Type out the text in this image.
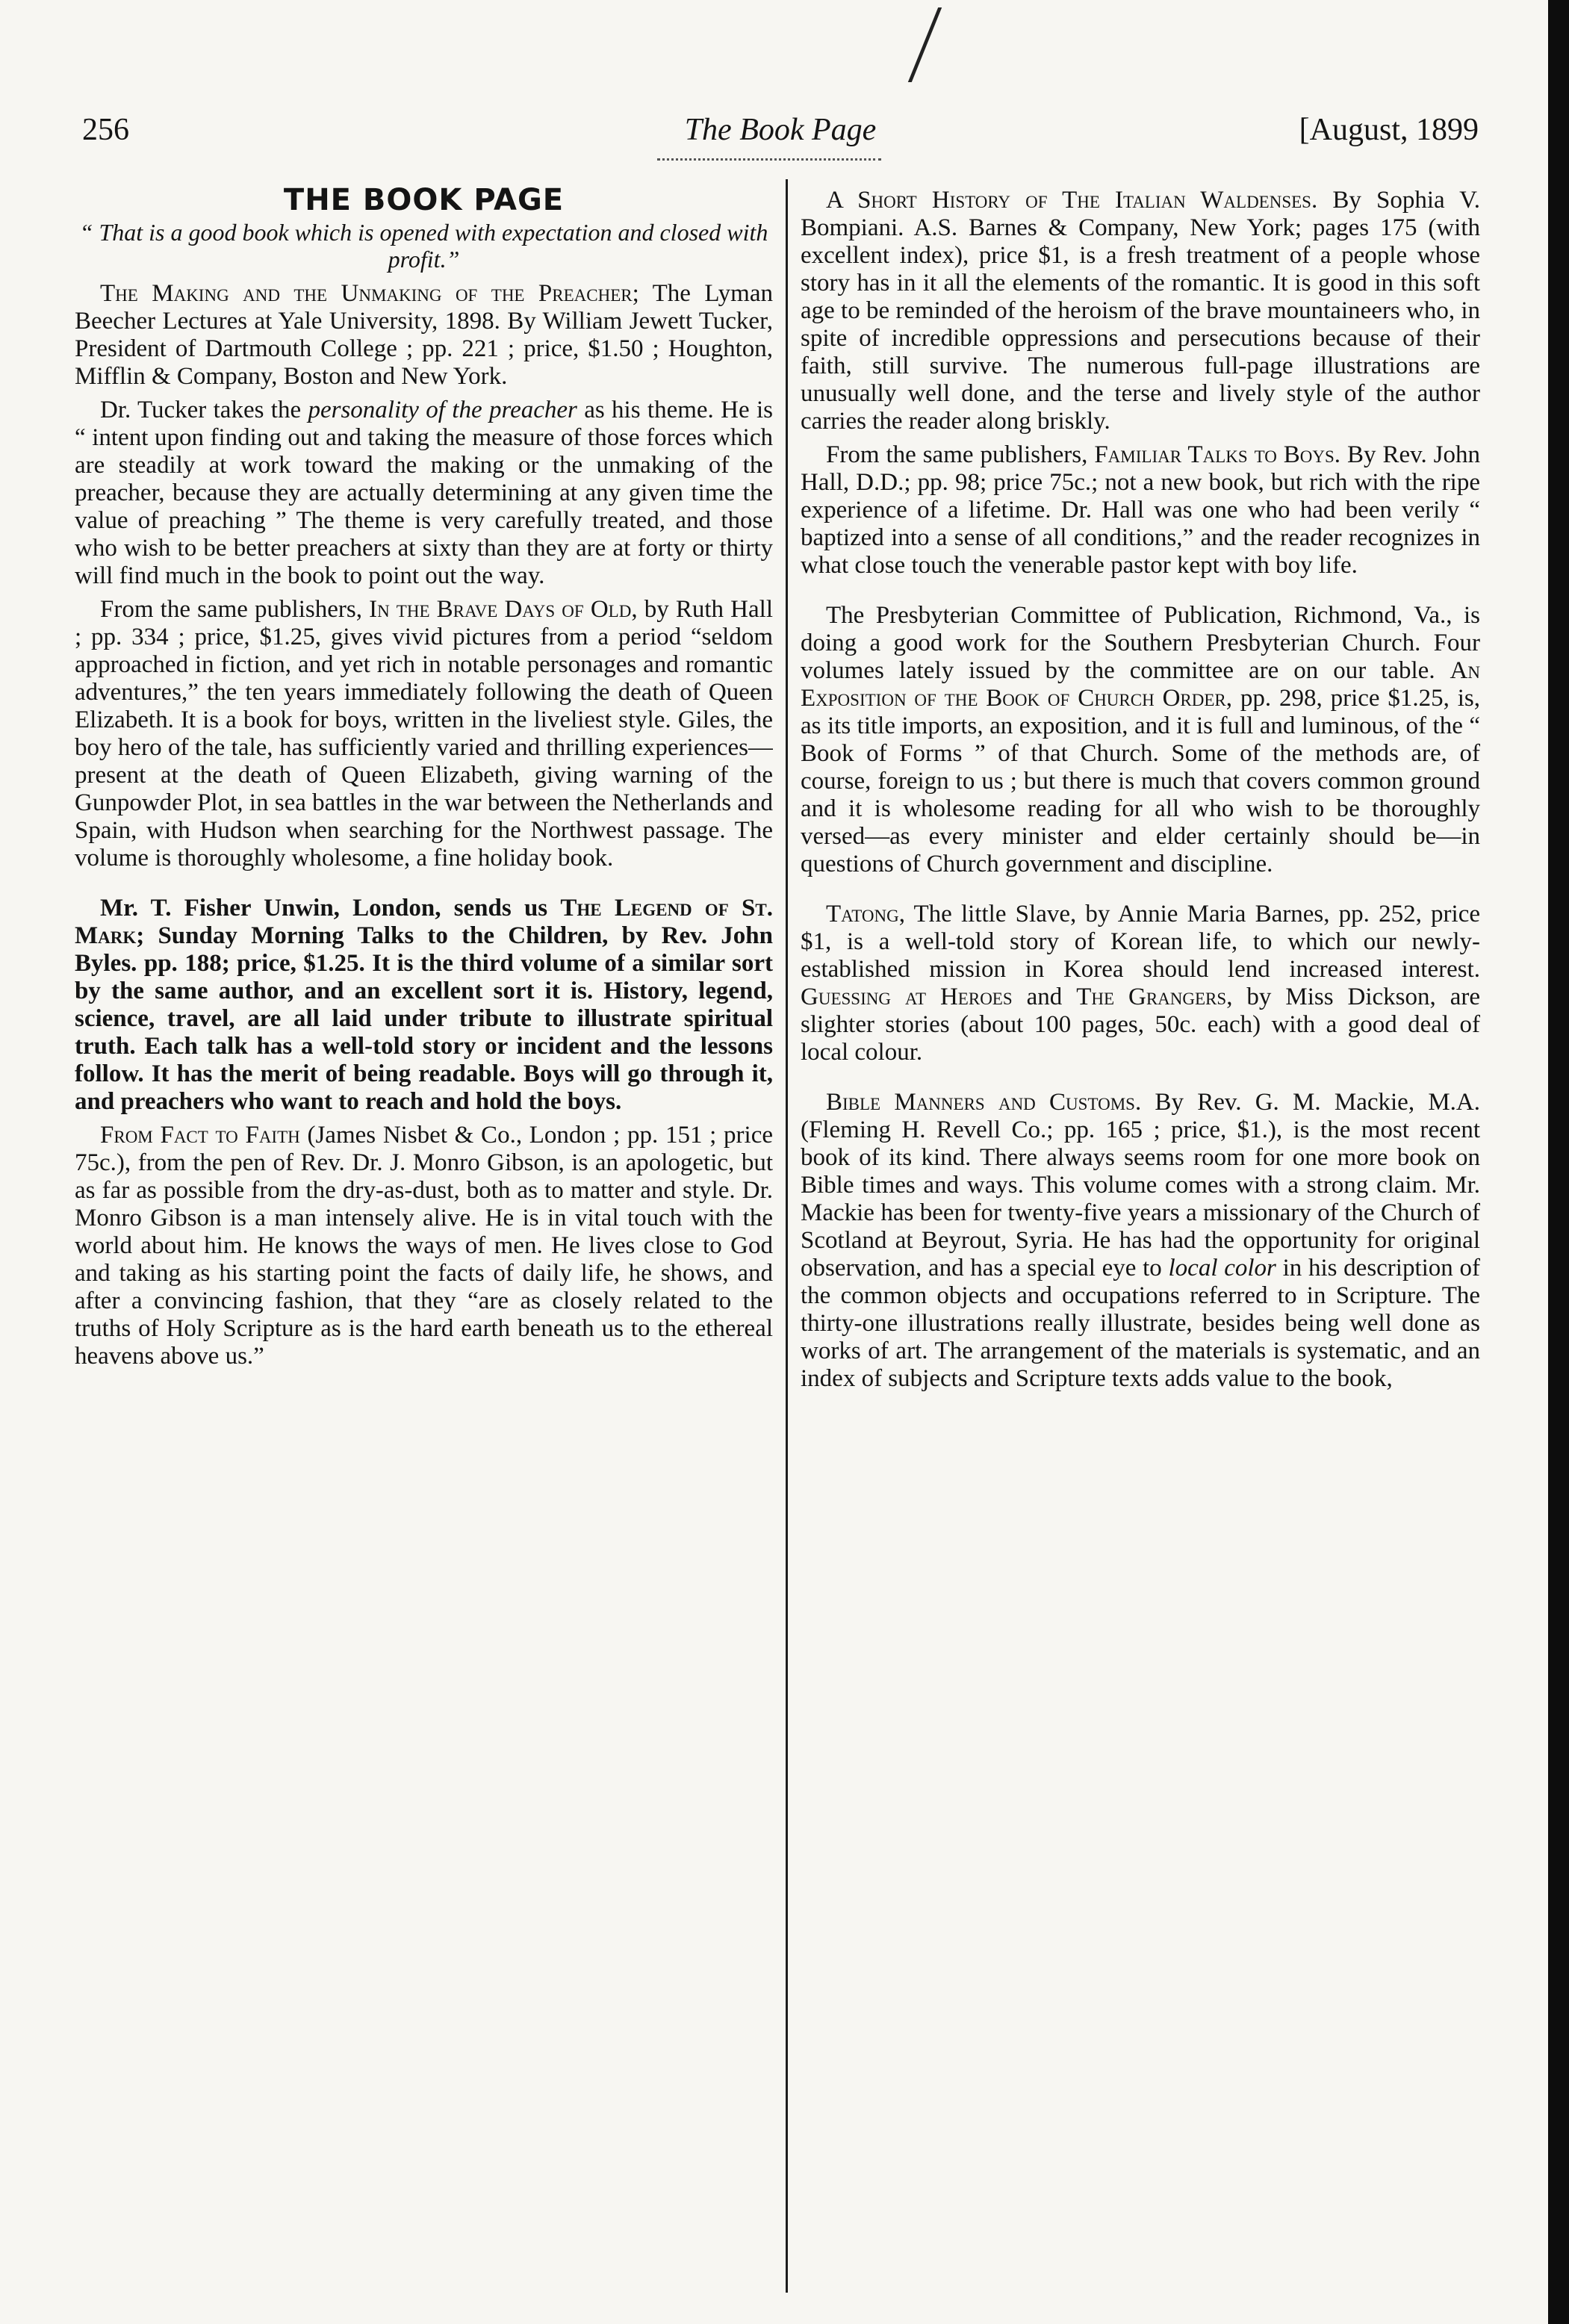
256	The Book Page	[August, 1899
THE BOOK PAGE
“ That is a good book which is opened with expectation and closed with profit.”

The Making and the Unmaking of the Preacher; The Lyman Beecher Lectures at Yale University, 1898. By William Jewett Tucker, President of Dartmouth College ; pp. 221 ; price, $1.50 ; Houghton, Mifflin & Company, Boston and New York.

Dr. Tucker takes the personality of the preacher as his theme. He is “ intent upon finding out and taking the measure of those forces which are steadily at work toward the making or the unmaking of the preacher, because they are actually determining at any given time the value of preaching ” The theme is very carefully treated, and those who wish to be better preachers at sixty than they are at forty or thirty will find much in the book to point out the way.

From the same publishers, In the Brave Days of Old, by Ruth Hall ; pp. 334 ; price, $1.25, gives vivid pictures from a period “seldom approached in fiction, and yet rich in notable personages and romantic adventures,” the ten years immediately following the death of Queen Elizabeth. It is a book for boys, written in the liveliest style. Giles, the boy hero of the tale, has sufficiently varied and thrilling experiences—present at the death of Queen Elizabeth, giving warning of the Gunpowder Plot, in sea battles in the war between the Netherlands and Spain, with Hudson when searching for the Northwest passage. The volume is thoroughly wholesome, a fine holiday book.

Mr. T. Fisher Unwin, London, sends us The Legend of St. Mark; Sunday Morning Talks to the Children, by Rev. John Byles. pp. 188; price, $1.25. It is the third volume of a similar sort by the same author, and an excellent sort it is. History, legend, science, travel, are all laid under tribute to illustrate spiritual truth. Each talk has a well-told story or incident and the lessons follow. It has the merit of being readable. Boys will go through it, and preachers who want to reach and hold the boys.

From Fact to Faith (James Nisbet & Co., London ; pp. 151 ; price 75c.), from the pen of Rev. Dr. J. Monro Gibson, is an apologetic, but as far as possible from the dry-as-dust, both as to matter and style. Dr. Monro Gibson is a man intensely alive. He is in vital touch with the world about him. He knows the ways of men. He lives close to God and taking as his starting point the facts of daily life, he shows, and after a convincing fashion, that they “are as closely related to the truths of Holy Scripture as is the hard earth beneath us to the ethereal heavens above us.”

A Short History of The Italian Waldenses. By Sophia V. Bompiani. A.S. Barnes & Company, New York; pages 175 (with excellent index), price $1, is a fresh treatment of a people whose story has in it all the elements of the romantic. It is good in this soft age to be reminded of the heroism of the brave mountaineers who, in spite of incredible oppressions and persecutions because of their faith, still survive. The numerous full-page illustrations are unusually well done, and the terse and lively style of the author carries the reader along briskly.

From the same publishers, Familiar Talks to Boys. By Rev. John Hall, D.D.; pp. 98; price 75c.; not a new book, but rich with the ripe experience of a lifetime. Dr. Hall was one who had been verily “ baptized into a sense of all conditions,” and the reader recognizes in what close touch the venerable pastor kept with boy life.

The Presbyterian Committee of Publication, Richmond, Va., is doing a good work for the Southern Presbyterian Church. Four volumes lately issued by the committee are on our table. An Exposition of the Book of Church Order, pp. 298, price $1.25, is, as its title imports, an exposition, and it is full and luminous, of the “ Book of Forms ” of that Church. Some of the methods are, of course, foreign to us ; but there is much that covers common ground and it is wholesome reading for all who wish to be thoroughly versed—as every minister and elder certainly should be—in questions of Church government and discipline.

Tatong, The little Slave, by Annie Maria Barnes, pp. 252, price $1, is a well-told story of Korean life, to which our newly-established mission in Korea should lend increased interest. Guessing at Heroes and The Grangers, by Miss Dickson, are slighter stories (about 100 pages, 50c. each) with a good deal of local colour.

Bible Manners and Customs. By Rev. G. M. Mackie, M.A. (Fleming H. Revell Co.; pp. 165 ; price, $1.), is the most recent book of its kind. There always seems room for one more book on Bible times and ways. This volume comes with a strong claim. Mr. Mackie has been for twenty-five years a missionary of the Church of Scotland at Beyrout, Syria. He has had the opportunity for original observation, and has a special eye to local color in his description of the common objects and occupations referred to in Scripture. The thirty-one illustrations really illustrate, besides being well done as works of art. The arrangement of the materials is systematic, and an index of subjects and Scripture texts adds value to the book,
